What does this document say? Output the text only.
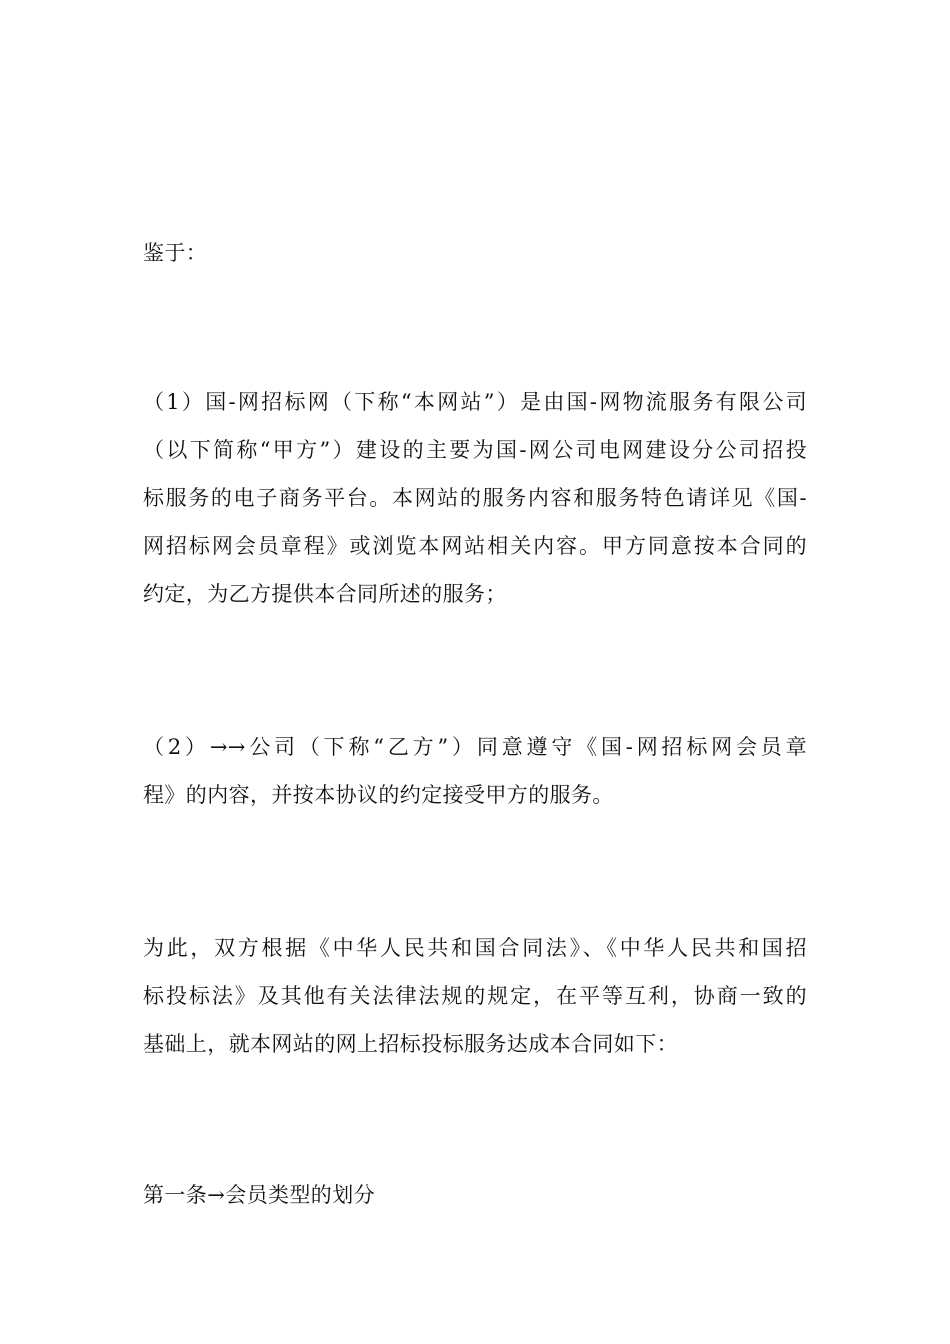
鉴于：

（1）国-网招标网（下称“本网站”）是由国-网物流服务有限公司
（以下简称“甲方”）建设的主要为国-网公司电网建设分公司招投
标服务的电子商务平台。本网站的服务内容和服务特色请详见《国-
网招标网会员章程》或浏览本网站相关内容。甲方同意按本合同的
约定，为乙方提供本合同所述的服务；

（2）→→公司（下称“乙方”）同意遵守《国-网招标网会员章
程》的内容，并按本协议的约定接受甲方的服务。

为此，双方根据《中华人民共和国合同法》、《中华人民共和国招
标投标法》及其他有关法律法规的规定，在平等互利，协商一致的
基础上，就本网站的网上招标投标服务达成本合同如下：

第一条→会员类型的划分
